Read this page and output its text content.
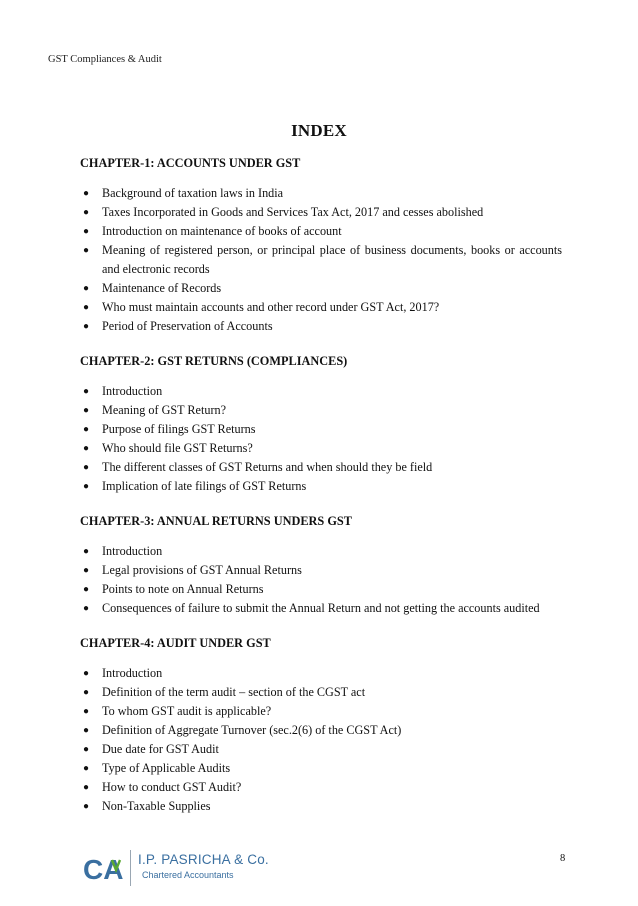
GST Compliances & Audit
INDEX
CHAPTER-1: ACCOUNTS UNDER GST
● Background of taxation laws in India
● Taxes Incorporated in Goods and Services Tax Act, 2017 and cesses abolished
● Introduction on maintenance of books of account
● Meaning of registered person, or principal place of business documents, books or accounts and electronic records
● Maintenance of Records
● Who must maintain accounts and other record under GST Act, 2017?
● Period of Preservation of Accounts
CHAPTER-2: GST RETURNS (COMPLIANCES)
● Introduction
● Meaning of GST Return?
● Purpose of filings GST Returns
● Who should file GST Returns?
● The different classes of GST Returns and when should they be field
● Implication of late filings of GST Returns
CHAPTER-3: ANNUAL RETURNS UNDERS GST
● Introduction
● Legal provisions of GST Annual Returns
● Points to note on Annual Returns
● Consequences of failure to submit the Annual Return and not getting the accounts audited
CHAPTER-4: AUDIT UNDER GST
● Introduction
● Definition of the term audit – section of the CGST act
● To whom GST audit is applicable?
● Definition of Aggregate Turnover (sec.2(6) of the CGST Act)
● Due date for GST Audit
● Type of Applicable Audits
● How to conduct GST Audit?
● Non-Taxable Supplies
CA I.P. PASRICHA & Co.
Chartered Accountants
8
